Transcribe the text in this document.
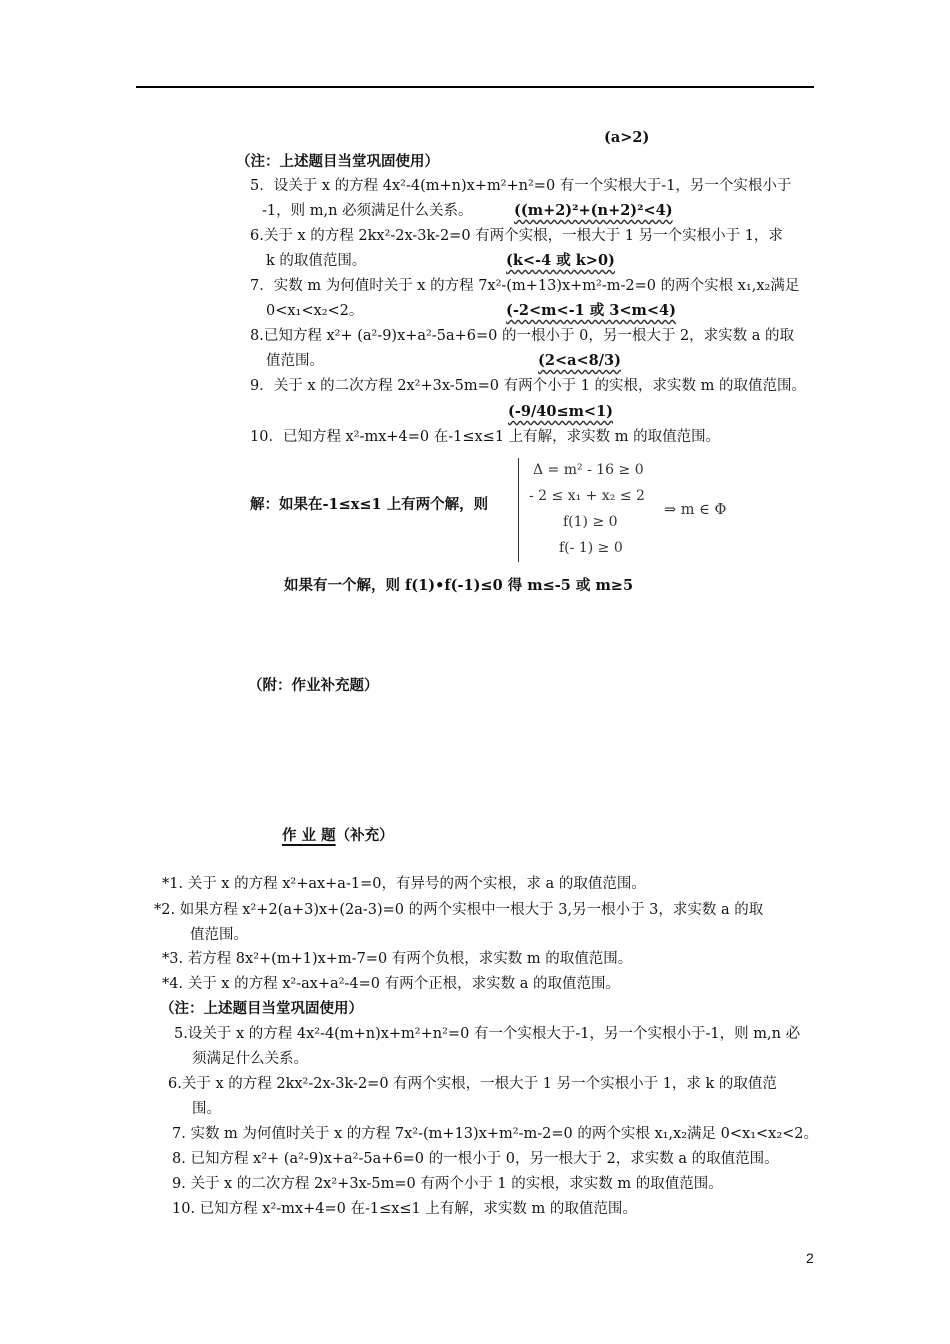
(a>2)
（注：上述题目当堂巩固使用）
5．设关于 x 的方程 4x²-4(m+n)x+m²+n²=0 有一个实根大于-1，另一个实根小于
-1，则 m,n 必须满足什么关系。	((m+2)²+(n+2)²<4)
6.关于 x 的方程 2kx²-2x-3k-2=0 有两个实根，一根大于 1 另一个实根小于 1，求
k 的取值范围。	(k<-4 或 k>0)
7．实数 m 为何值时关于 x 的方程 7x²-(m+13)x+m²-m-2=0 的两个实根 x₁,x₂满足
0<x₁<x₂<2。	(-2<m<-1 或 3<m<4)
8.已知方程 x²+ (a²-9)x+a²-5a+6=0 的一根小于 0，另一根大于 2，求实数 a 的取
值范围。	(2<a<8/3)
9．关于 x 的二次方程 2x²+3x-5m=0 有两个小于 1 的实根，求实数 m 的取值范围。
(-9/40≤m<1)
10．已知方程 x²-mx+4=0 在-1≤x≤1 上有解，求实数 m 的取值范围。
解：如果在-1≤x≤1 上有两个解，则
Δ = m² - 16 ≥ 0
- 2 ≤ x₁ + x₂ ≤ 2
f(1) ≥ 0
f(- 1) ≥ 0
⇒ m ∈ Φ
如果有一个解，则 f(1)•f(-1)≤0 得 m≤-5 或 m≥5
（附：作业补充题）
作 业 题（补充）
*1. 关于 x 的方程 x²+ax+a-1=0，有异号的两个实根，求 a 的取值范围。
*2. 如果方程 x²+2(a+3)x+(2a-3)=0 的两个实根中一根大于 3,另一根小于 3，求实数 a 的取
值范围。
*3. 若方程 8x²+(m+1)x+m-7=0 有两个负根，求实数 m 的取值范围。
*4. 关于 x 的方程 x²-ax+a²-4=0 有两个正根，求实数 a 的取值范围。
（注：上述题目当堂巩固使用）
5.设关于 x 的方程 4x²-4(m+n)x+m²+n²=0 有一个实根大于-1，另一个实根小于-1，则 m,n 必
须满足什么关系。
6.关于 x 的方程 2kx²-2x-3k-2=0 有两个实根，一根大于 1 另一个实根小于 1，求 k 的取值范
围。
7. 实数 m 为何值时关于 x 的方程 7x²-(m+13)x+m²-m-2=0 的两个实根 x₁,x₂满足 0<x₁<x₂<2。
8. 已知方程 x²+ (a²-9)x+a²-5a+6=0 的一根小于 0，另一根大于 2，求实数 a 的取值范围。
9. 关于 x 的二次方程 2x²+3x-5m=0 有两个小于 1 的实根，求实数 m 的取值范围。
10. 已知方程 x²-mx+4=0 在-1≤x≤1 上有解，求实数 m 的取值范围。
2
